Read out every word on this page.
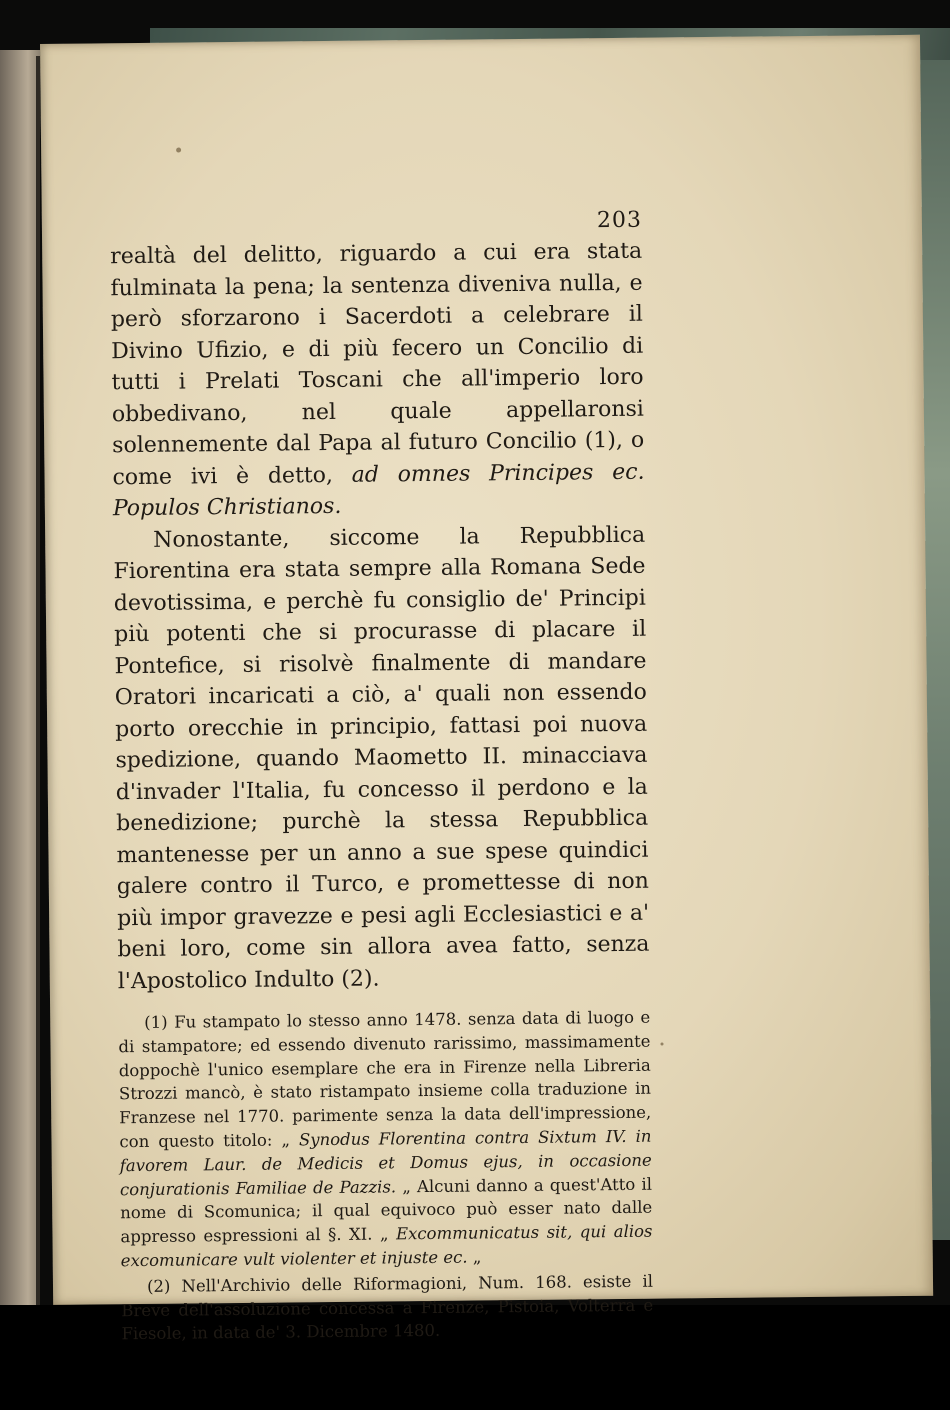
203

realtà del delitto, riguardo a cui era stata fulminata la pena; la sentenza diveniva nulla, e però sforzarono i Sacerdoti a celebrare il Divino Ufizio, e di più fecero un Concilio di tutti i Prelati Toscani che all'imperio loro obbedivano, nel quale appellaronsi solennemente dal Papa al futuro Concilio (1), o come ivi è detto, ad omnes Principes ec. Populos Christianos.

Nonostante, siccome la Repubblica Fiorentina era stata sempre alla Romana Sede devotissima, e perchè fu consiglio de' Principi più potenti che si procurasse di placare il Pontefice, si risolvè finalmente di mandare Oratori incaricati a ciò, a' quali non essendo porto orecchie in principio, fattasi poi nuova spedizione, quando Maometto II. minacciava d'invader l'Italia, fu concesso il perdono e la benedizione; purchè la stessa Repubblica mantenesse per un anno a sue spese quindici galere contro il Turco, e promettesse di non più impor gravezze e pesi agli Ecclesiastici e a' beni loro, come sin allora avea fatto, senza l'Apostolico Indulto (2).

(1) Fu stampato lo stesso anno 1478. senza data di luogo e di stampatore; ed essendo divenuto rarissimo, massimamente doppochè l'unico esemplare che era in Firenze nella Libreria Strozzi mancò, è stato ristampato insieme colla traduzione in Franzese nel 1770. parimente senza la data dell'impressione, con questo titolo: „ Synodus Florentina contra Sixtum IV. in favorem Laur. de Medicis et Domus ejus, in occasione conjurationis Familiae de Pazzis. „ Alcuni danno a quest'Atto il nome di Scomunica; il qual equivoco può esser nato dalle appresso espressioni al §. XI. „ Excommunicatus sit, qui alios excomunicare vult violenter et injuste ec. „

(2) Nell'Archivio delle Riformagioni, Num. 168. esiste il Breve dell'assoluzione concessa a Firenze, Pistoia, Volterra e Fiesole, in data de' 3. Dicembre 1480.
